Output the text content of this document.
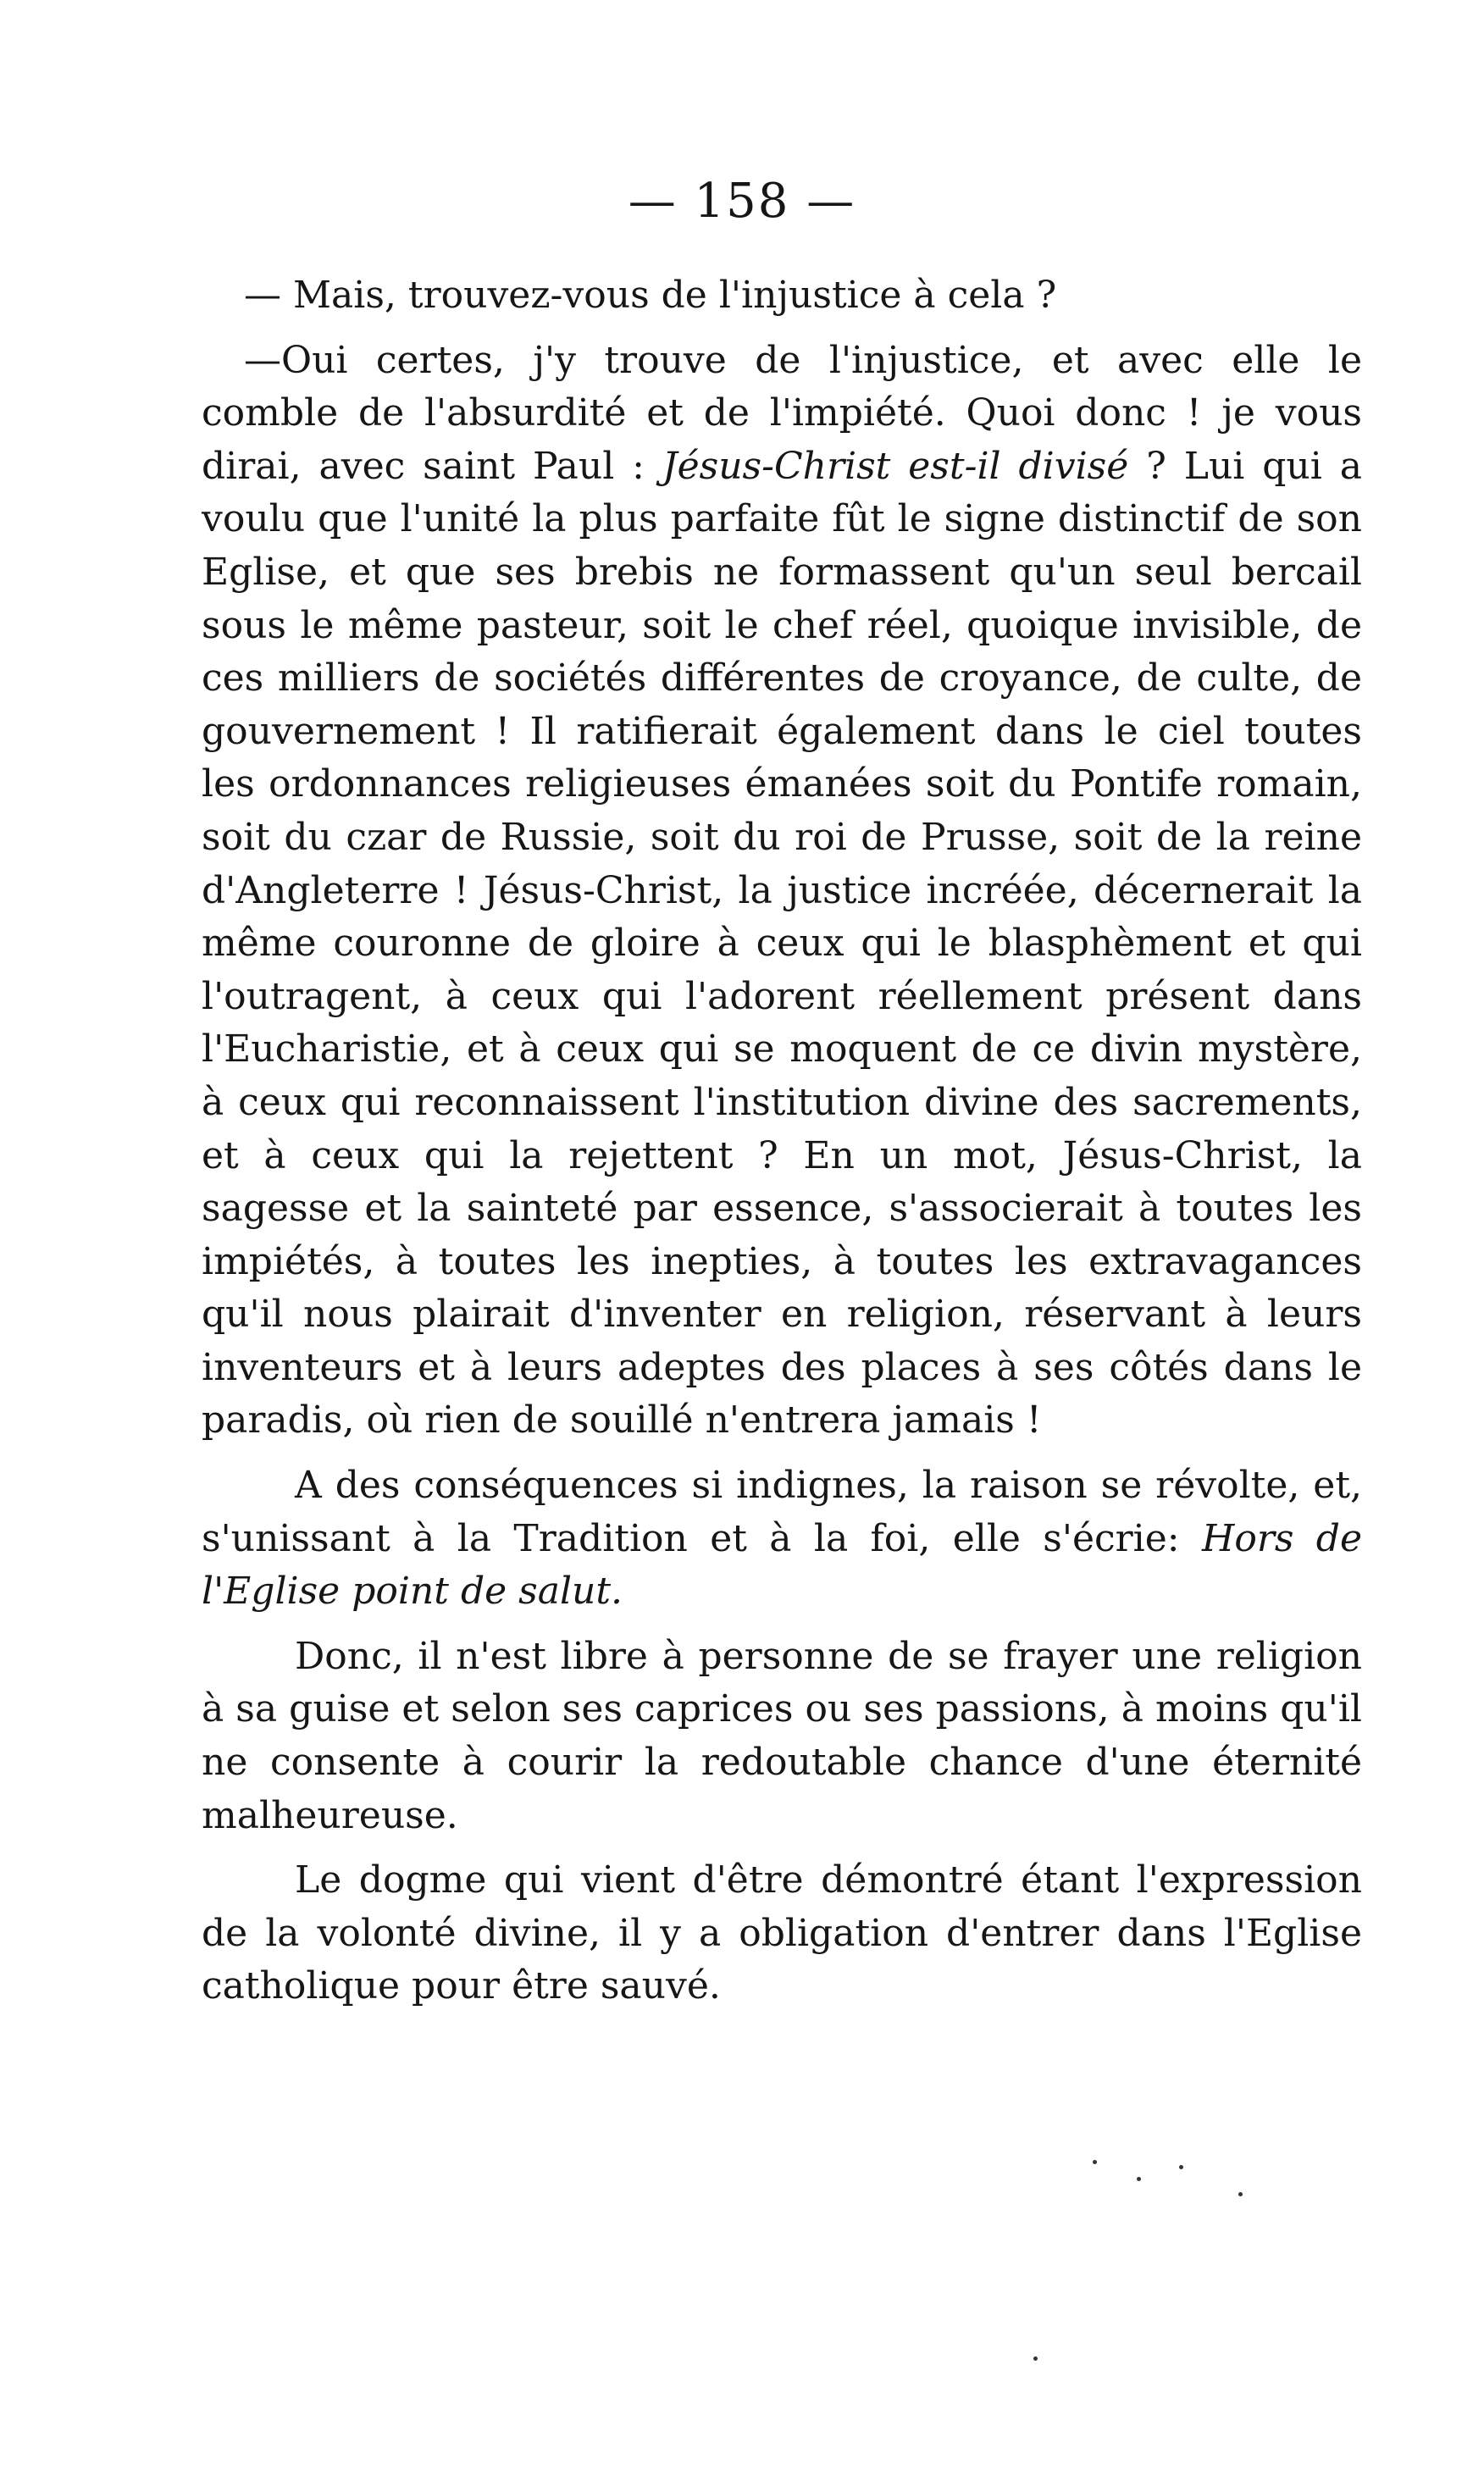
— 158 —

— Mais, trouvez-vous de l'injustice à cela ?

—Oui certes, j'y trouve de l'injustice, et avec elle le comble de l'absurdité et de l'impiété. Quoi donc ! je vous dirai, avec saint Paul : Jésus-Christ est-il divisé ? Lui qui a voulu que l'unité la plus parfaite fût le signe distinctif de son Eglise, et que ses brebis ne formassent qu'un seul bercail sous le même pasteur, soit le chef réel, quoique invisible, de ces milliers de sociétés différentes de croyance, de culte, de gouvernement ! Il ratifierait également dans le ciel toutes les ordonnances religieuses émanées soit du Pontife romain, soit du czar de Russie, soit du roi de Prusse, soit de la reine d'Angleterre ! Jésus-Christ, la justice incréée, décernerait la même couronne de gloire à ceux qui le blasphèment et qui l'outragent, à ceux qui l'adorent réellement présent dans l'Eucharistie, et à ceux qui se moquent de ce divin mystère, à ceux qui reconnaissent l'institution divine des sacrements, et à ceux qui la rejettent ? En un mot, Jésus-Christ, la sagesse et la sainteté par essence, s'associerait à toutes les impiétés, à toutes les inepties, à toutes les extravagances qu'il nous plairait d'inventer en religion, réservant à leurs inventeurs et à leurs adeptes des places à ses côtés dans le paradis, où rien de souillé n'entrera jamais !

A des conséquences si indignes, la raison se révolte, et, s'unissant à la Tradition et à la foi, elle s'écrie: Hors de l'Eglise point de salut.

Donc, il n'est libre à personne de se frayer une religion à sa guise et selon ses caprices ou ses passions, à moins qu'il ne consente à courir la redoutable chance d'une éternité malheureuse.

Le dogme qui vient d'être démontré étant l'expression de la volonté divine, il y a obligation d'entrer dans l'Eglise catholique pour être sauvé.
